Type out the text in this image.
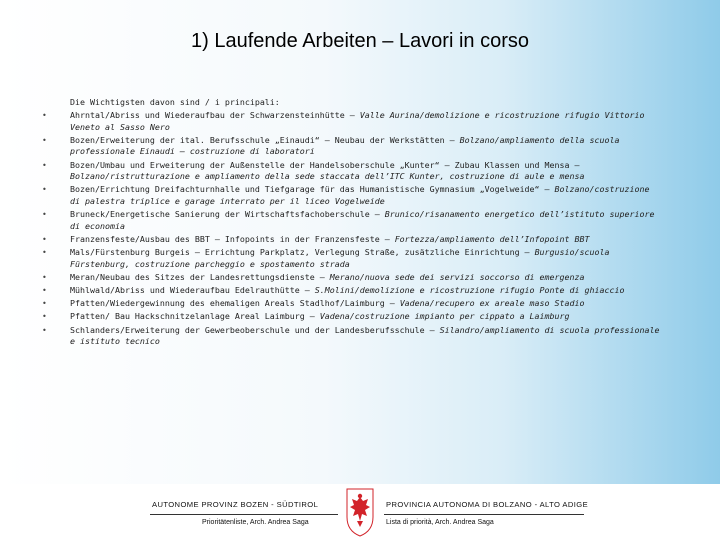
1) Laufende Arbeiten – Lavori in corso
Die Wichtigsten davon sind / i principali:
•	Ahrntal/Abriss und Wiederaufbau der Schwarzensteinhütte – Valle Aurina/demolizione e ricostruzione rifugio Vittorio Veneto al Sasso Nero
•	Bozen/Erweiterung der ital. Berufsschule „Einaudi“ – Neubau der Werkstätten – Bolzano/ampliamento della scuola professionale Einaudi – costruzione di laboratori
•	Bozen/Umbau und Erweiterung der Außenstelle der Handelsoberschule „Kunter“ – Zubau Klassen und Mensa – Bolzano/ristrutturazione e ampliamento della sede staccata dell’ITC Kunter, costruzione di aule e mensa
•	Bozen/Errichtung Dreifachturnhalle und Tiefgarage für das Humanistische Gymnasium „Vogelweide“ – Bolzano/costruzione di palestra triplice e garage interrato per il liceo Vogelweide
•	Bruneck/Energetische Sanierung der Wirtschaftsfachoberschule – Brunico/risanamento energetico dell’istituto superiore di economia
•	Franzensfeste/Ausbau des BBT – Infopoints in der Franzensfeste – Fortezza/ampliamento dell’Infopoint BBT
•	Mals/Fürstenburg Burgeis – Errichtung Parkplatz, Verlegung Straße, zusätzliche Einrichtung – Burgusio/scuola Fürstenburg, costruzione parcheggio e spostamento strada
•	Meran/Neubau des Sitzes der Landesrettungsdienste – Merano/nuova sede dei servizi soccorso di emergenza
•	Mühlwald/Abriss und Wiederaufbau Edelrauthütte – S.Molini/demolizione e ricostruzione rifugio Ponte di ghiaccio
•	Pfatten/Wiedergewinnung des ehemaligen Areals Stadlhof/Laimburg – Vadena/recupero ex areale maso Stadio
•	Pfatten/ Bau Hackschnitzelanlage Areal Laimburg – Vadena/costruzione impianto per cippato a Laimburg
•	Schlanders/Erweiterung der Gewerbeoberschule und der Landesberufsschule – Silandro/ampliamento di scuola professionale e istituto tecnico
AUTONOME PROVINZ BOZEN - SÜDTIROL
Prioritätenliste, Arch. Andrea Saga
PROVINCIA AUTONOMA DI BOLZANO - ALTO ADIGE
Lista di priorità, Arch. Andrea Saga
